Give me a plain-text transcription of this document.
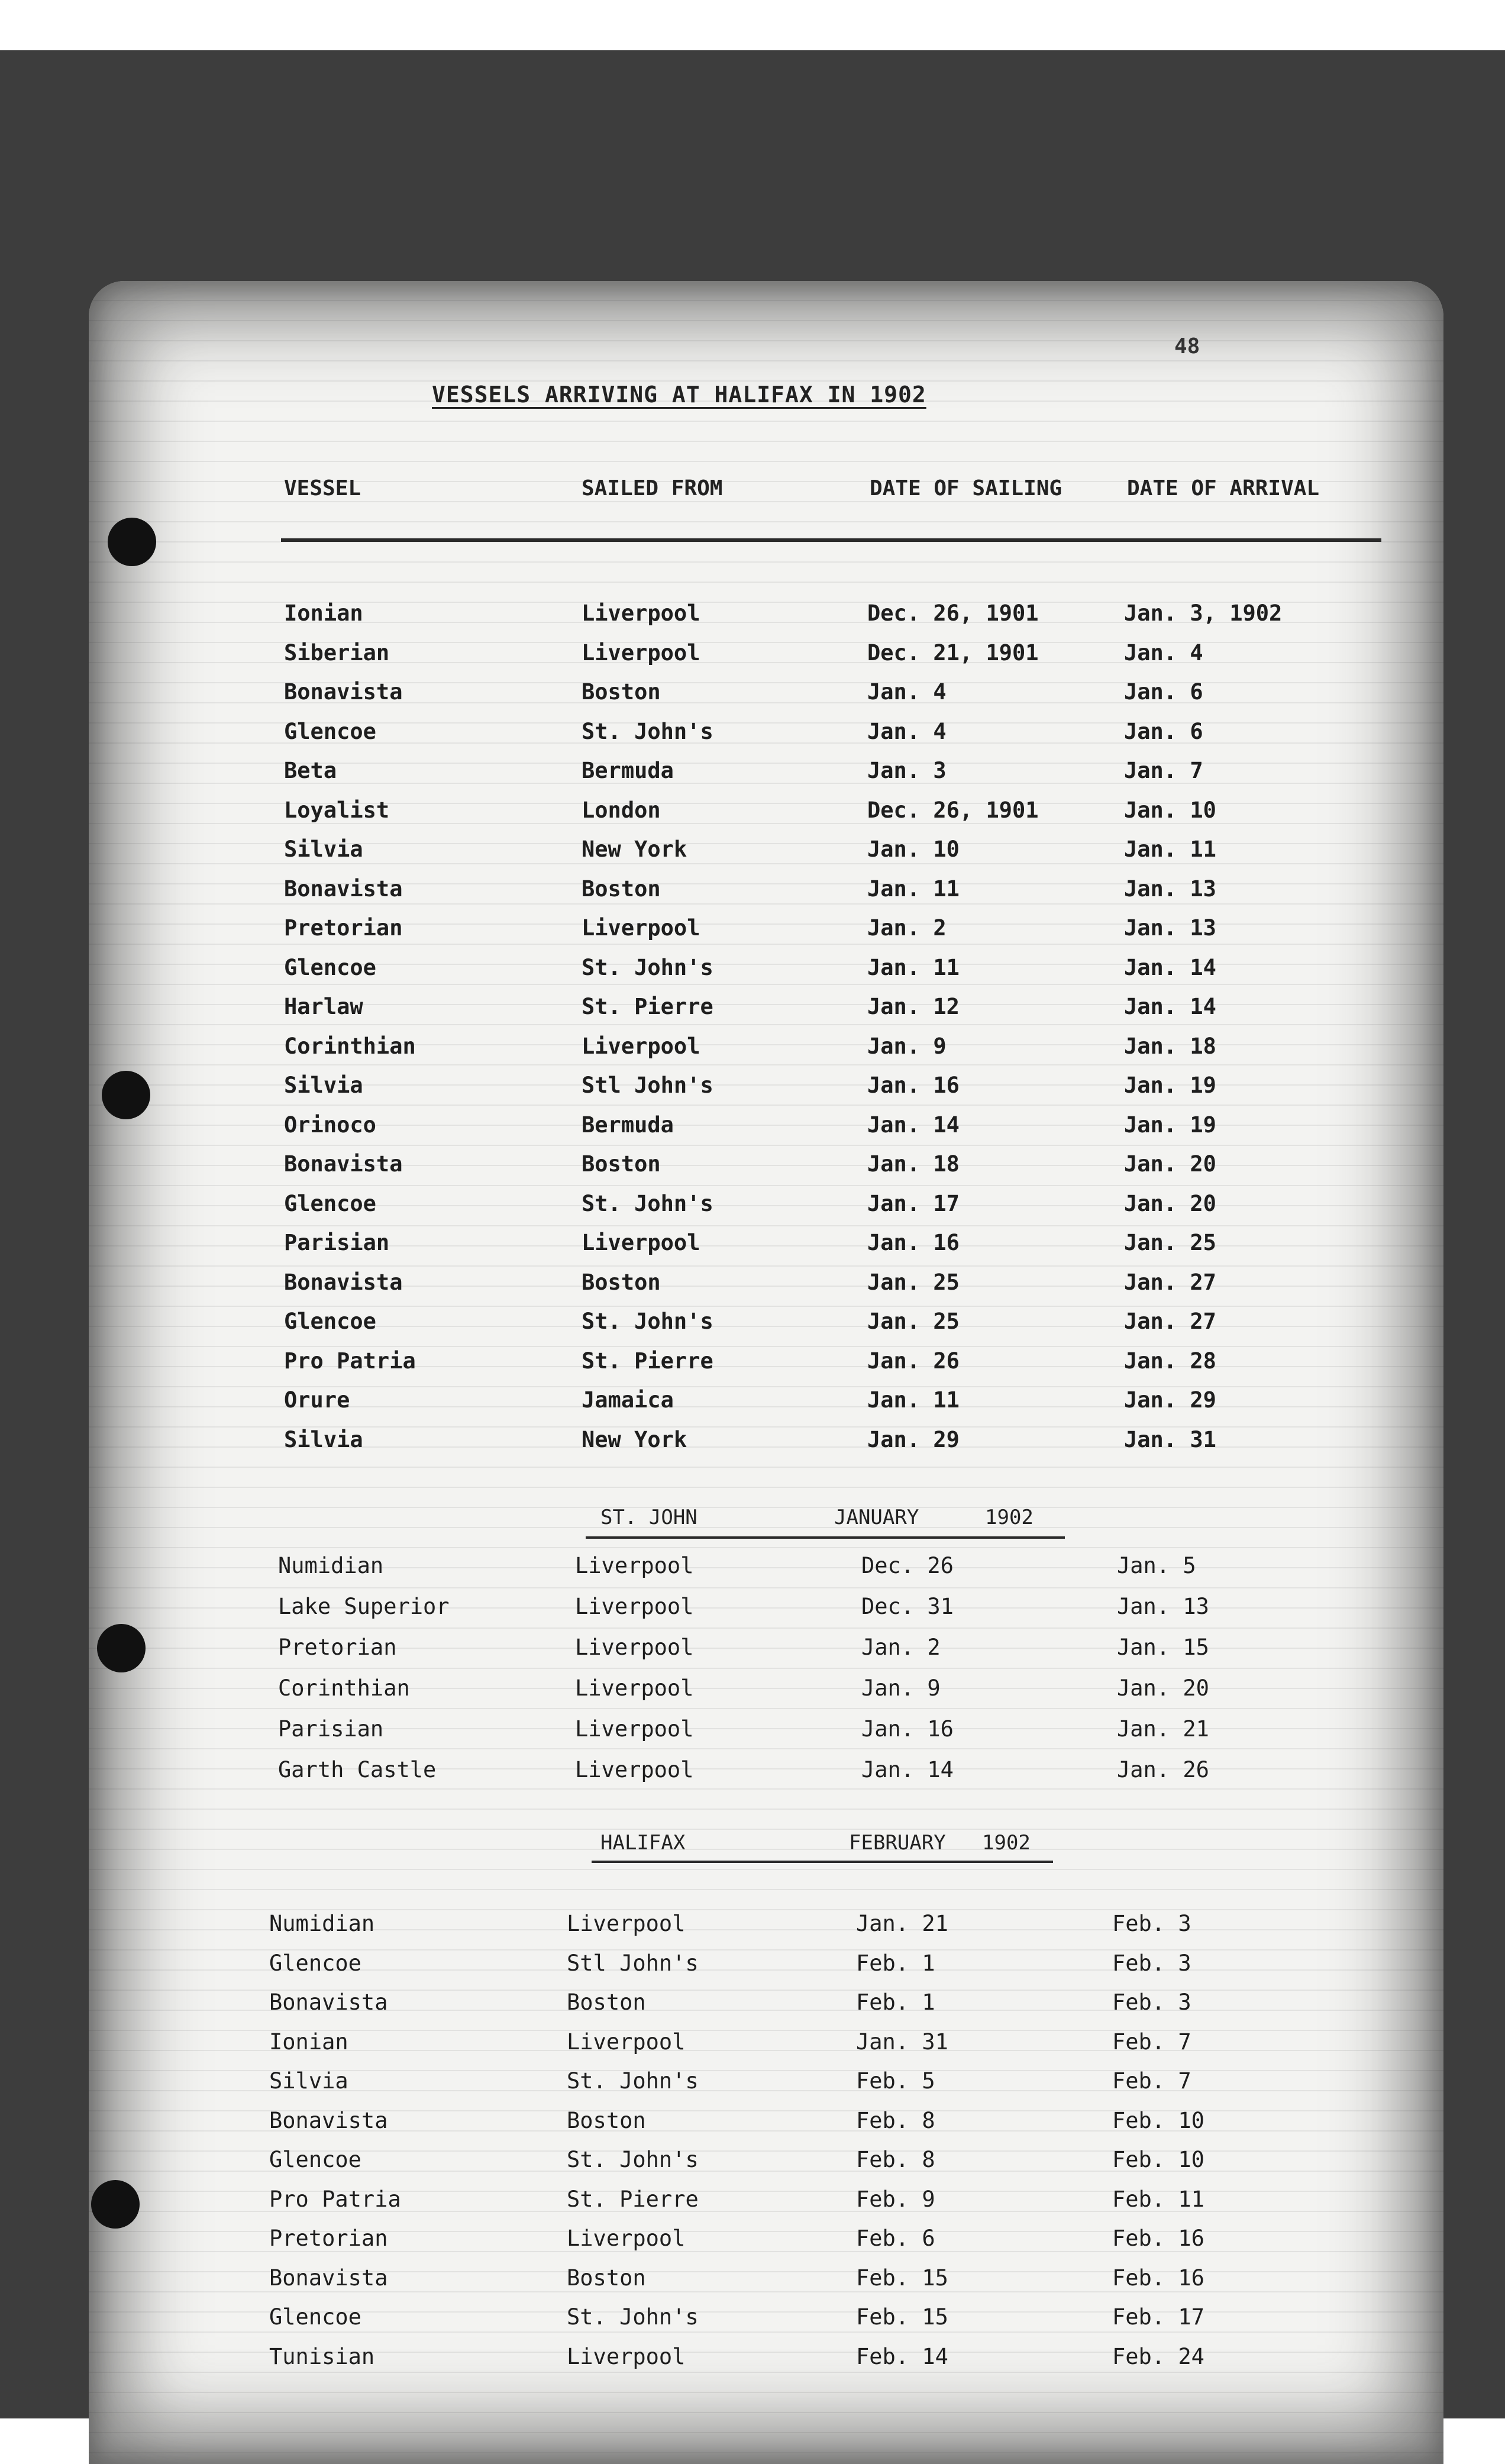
48
VESSELS ARRIVING AT HALIFAX IN 1902
VESSEL	SAILED FROM	DATE OF SAILING	DATE OF ARRIVAL
Ionian	Liverpool	Dec. 26, 1901	Jan. 3, 1902
Siberian	Liverpool	Dec. 21, 1901	Jan. 4
Bonavista	Boston	Jan. 4	Jan. 6
Glencoe	St. John's	Jan. 4	Jan. 6
Beta	Bermuda	Jan. 3	Jan. 7
Loyalist	London	Dec. 26, 1901	Jan. 10
Silvia	New York	Jan. 10	Jan. 11
Bonavista	Boston	Jan. 11	Jan. 13
Pretorian	Liverpool	Jan. 2	Jan. 13
Glencoe	St. John's	Jan. 11	Jan. 14
Harlaw	St. Pierre	Jan. 12	Jan. 14
Corinthian	Liverpool	Jan. 9	Jan. 18
Silvia	Stl John's	Jan. 16	Jan. 19
Orinoco	Bermuda	Jan. 14	Jan. 19
Bonavista	Boston	Jan. 18	Jan. 20
Glencoe	St. John's	Jan. 17	Jan. 20
Parisian	Liverpool	Jan. 16	Jan. 25
Bonavista	Boston	Jan. 25	Jan. 27
Glencoe	St. John's	Jan. 25	Jan. 27
Pro Patria	St. Pierre	Jan. 26	Jan. 28
Orure	Jamaica	Jan. 11	Jan. 29
Silvia	New York	Jan. 29	Jan. 31
ST. JOHN	JANUARY	1902
Numidian	Liverpool	Dec. 26	Jan. 5
Lake Superior	Liverpool	Dec. 31	Jan. 13
Pretorian	Liverpool	Jan. 2	Jan. 15
Corinthian	Liverpool	Jan. 9	Jan. 20
Parisian	Liverpool	Jan. 16	Jan. 21
Garth Castle	Liverpool	Jan. 14	Jan. 26
HALIFAX	FEBRUARY 1902
Numidian	Liverpool	Jan. 21	Feb. 3
Glencoe	Stl John's	Feb. 1	Feb. 3
Bonavista	Boston	Feb. 1	Feb. 3
Ionian	Liverpool	Jan. 31	Feb. 7
Silvia	St. John's	Feb. 5	Feb. 7
Bonavista	Boston	Feb. 8	Feb. 10
Glencoe	St. John's	Feb. 8	Feb. 10
Pro Patria	St. Pierre	Feb. 9	Feb. 11
Pretorian	Liverpool	Feb. 6	Feb. 16
Bonavista	Boston	Feb. 15	Feb. 16
Glencoe	St. John's	Feb. 15	Feb. 17
Tunisian	Liverpool	Feb. 14	Feb. 24
